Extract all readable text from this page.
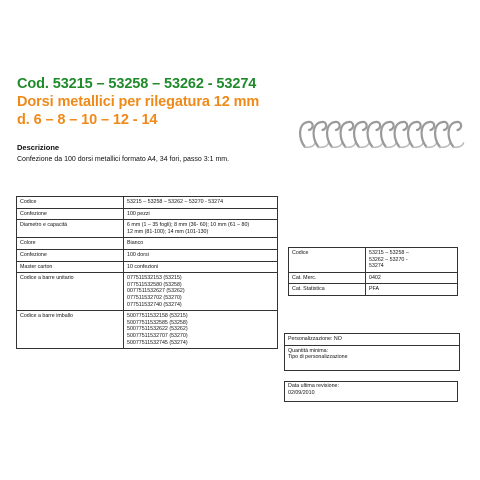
Cod. 53215 – 53258 – 53262 - 53274
Dorsi metallici per rilegatura 12 mm
d. 6 – 8 – 10 – 12 - 14
Descrizione
Confezione da 100 dorsi metallici formato A4, 34 fori, passo 3:1 mm.
Codice	53215 – 53258 – 53262 – 53270 - 53274

Confezione	100 pezzi

Diametro e capacità	6 mm (1 – 35 fogli); 8 mm (36- 60); 10 mm (61 – 80)
12 mm (81-100); 14 mm (101-130)

Colore	Bianco

Confezione	100 dorsi

Master carton	10 confezioni

Codice a barre unitario	077511532153 (53215)
077511532580 (53258)
0077511532627 (53262)
077511532702 (53270)
077511532740 (53274)

Codice a barre imballo	50077511532158 (53215)
50077511532585 (53258)
50077511532622 (53262)
50077511532707 (53270)
50077511532745 (53274)
Codice	53215 – 53258 –
53262 – 53270 -
53274

Cat. Merc.	0402

Cat. Statistica	PFA
Personalizzazione: NO
Quantità minima:
Tipo di personalizzazione
Data ultima revisione:
02/09/2010
